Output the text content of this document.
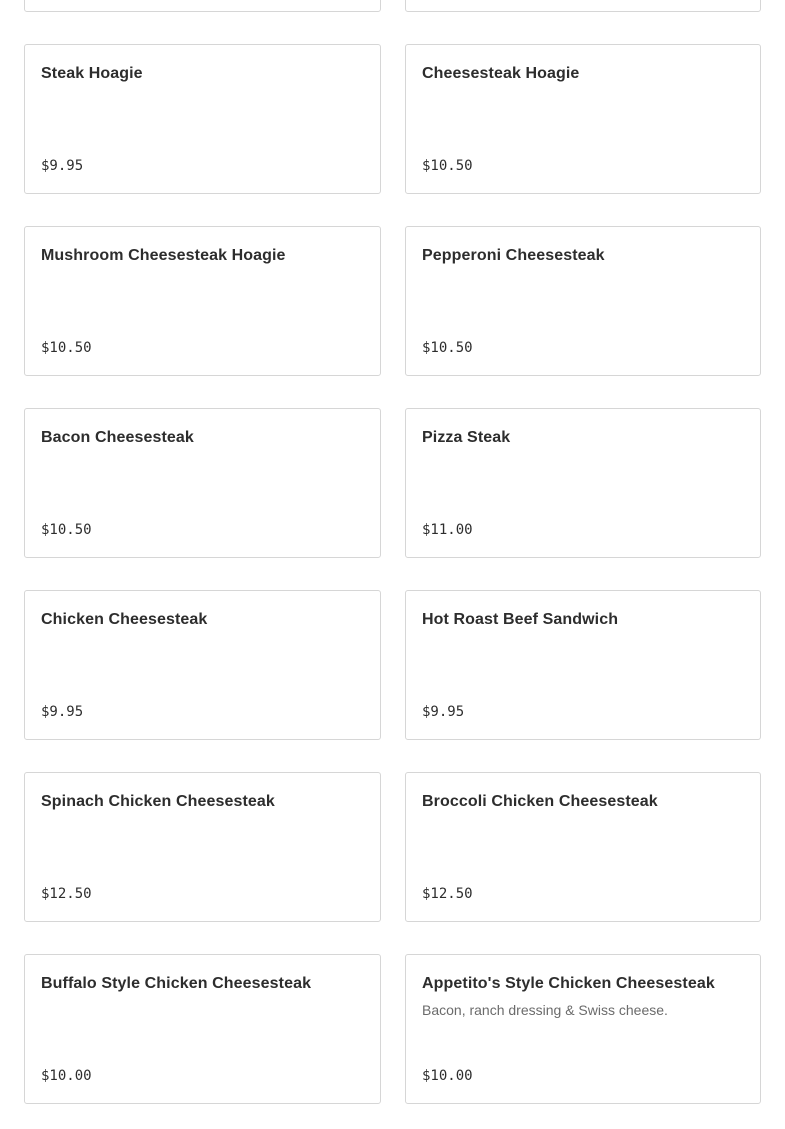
Steak Hoagie
$9.95
Cheesesteak Hoagie
$10.50
Mushroom Cheesesteak Hoagie
$10.50
Pepperoni Cheesesteak
$10.50
Bacon Cheesesteak
$10.50
Pizza Steak
$11.00
Chicken Cheesesteak
$9.95
Hot Roast Beef Sandwich
$9.95
Spinach Chicken Cheesesteak
$12.50
Broccoli Chicken Cheesesteak
$12.50
Buffalo Style Chicken Cheesesteak
$10.00
Appetito's Style Chicken Cheesesteak
Bacon, ranch dressing & Swiss cheese.
$10.00
